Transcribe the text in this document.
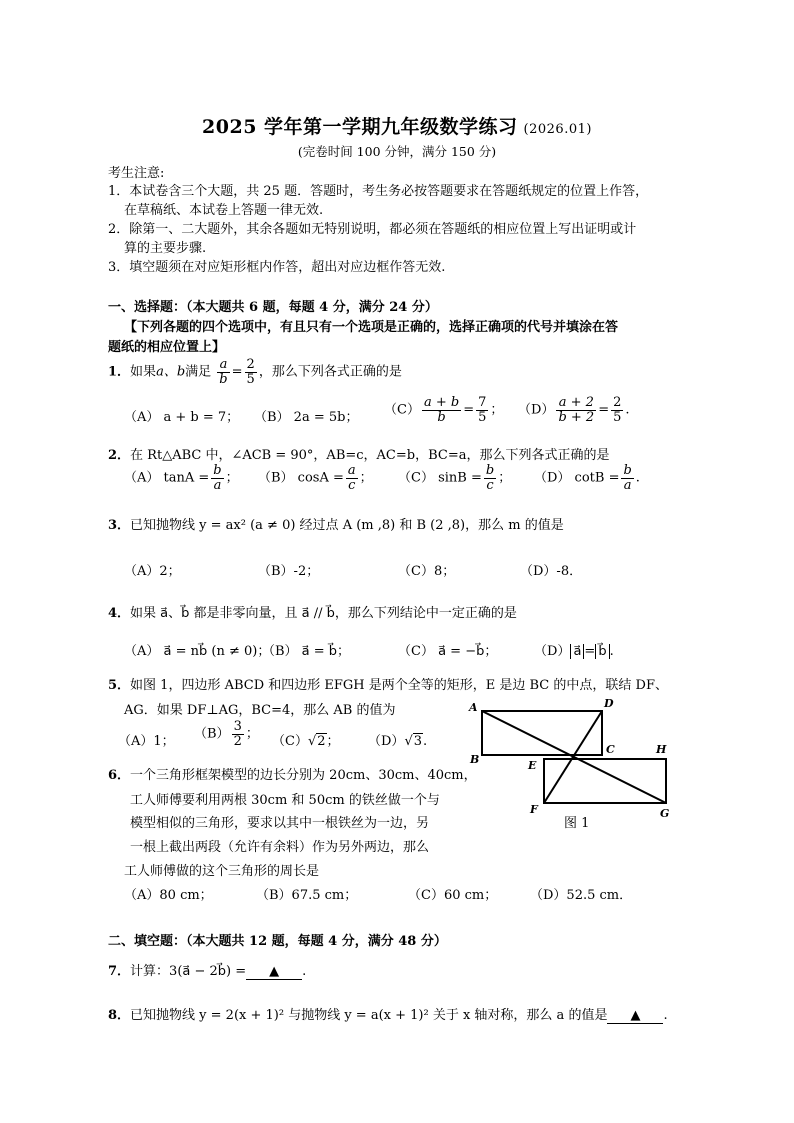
2025 学年第一学期九年级数学练习 (2026.01)
(完卷时间 100 分钟，满分 150 分)
考生注意:
1．本试卷含三个大题，共 25 题．答题时，考生务必按答题要求在答题纸规定的位置上作答，
在草稿纸、本试卷上答题一律无效.
2．除第一、二大题外，其余各题如无特别说明，都必须在答题纸的相应位置上写出证明或计
算的主要步骤.
3．填空题须在对应矩形框内作答，超出对应边框作答无效.
一、选择题：（本大题共 6 题，每题 4 分，满分 24 分）
【下列各题的四个选项中，有且只有一个选项是正确的，选择正确项的代号并填涂在答
题纸的相应位置上】
1．如果a、b满足 $\frac{a}{b} = \frac{2}{5}$ ，那么下列各式正确的是
（A） a + b = 7； （B） 2a = 5b； $(C) \frac{a + b}{b} = \frac{7}{5}$ ； $(D) \frac{a + 2}{b + 2} = \frac{2}{5}$ .
2．在 Rt△ABC 中，∠ACB = 90°，AB=c，AC=b，BC=a，那么下列各式正确的是
（A） $\tan A = \frac{b}{a}$ ； （B） $\cos A = \frac{a}{c}$ ； （C） $\sin B = \frac{b}{c}$ ； （D） $\cot B = \frac{b}{a}$ .
3．已知抛物线 y = ax² (a ≠ 0) 经过点 A (m ,8) 和 B (2 ,8)，那么 m 的值是
（A）2；	（B）-2；	（C）8；	（D）-8．
4．如果 a⃗、b⃗ 都是非零向量，且 a⃗ // b⃗，那么下列结论中一定正确的是
（A） a⃗ = nb⃗ (n ≠ 0)；
（B） a⃗ = b⃗；	（C） a⃗ = −b⃗；	（D） a⃗ = b⃗ .
5．如图 1，四边形 ABCD 和四边形 EFGH 是两个全等的矩形，E 是边 BC 的中点，联结 DF、
AG．如果 DF⊥AG，BC=4，那么 AB 的值为
（A）1； $(B) \frac{3}{2}$ ； （C）√2； （D）√3.
6．一个三角形框架模型的边长分别为 20cm、30cm、40cm，
工人师傅要利用两根 30cm 和 50cm 的铁丝做一个与
模型相似的三角形，要求以其中一根铁丝为一边，另
一根上截出两段（允许有余料）作为另外两边，那么
工人师傅做的这个三角形的周长是
（A）80 cm；	（B）67.5 cm；	（C）60 cm；	（D）52.5 cm．
A	D
B
C	H
E
F	G
图 1
二、填空题：（本大题共 12 题，每题 4 分，满分 48 分）
7．计算：3(a⃗ − 2b⃗) = ▲ .
8．已知抛物线 y = 2(x + 1)² 与抛物线 y = a(x + 1)² 关于 x 轴对称，那么 a 的值是 ▲ .
